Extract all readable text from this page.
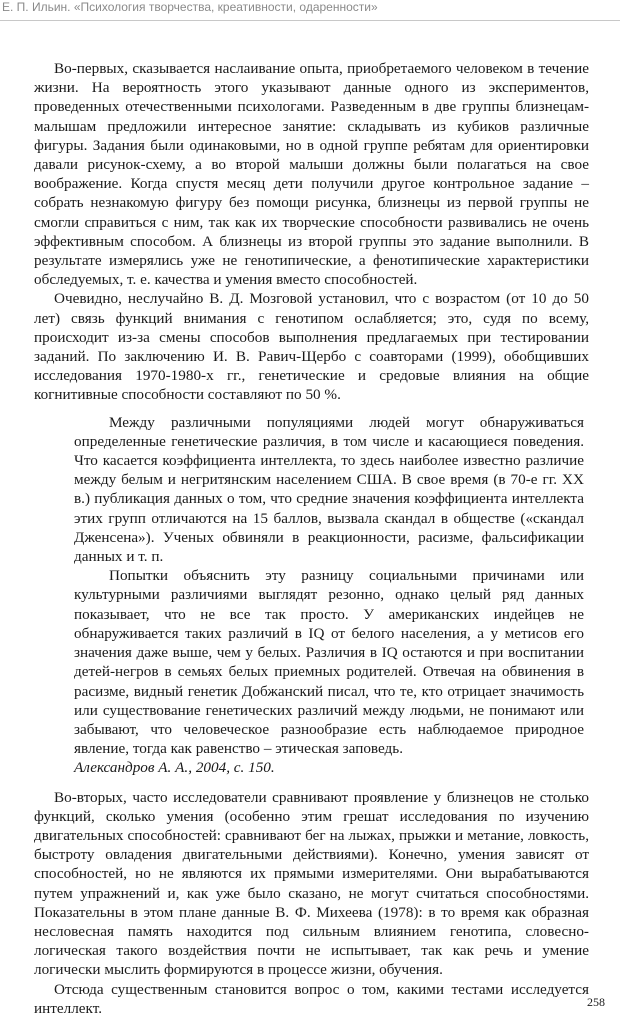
Е. П. Ильин. «Психология творчества, креативности, одаренности»

Во-первых, сказывается наслаивание опыта, приобретаемого человеком в течение жизни. На вероятность этого указывают данные одного из экспериментов, проведенных отечественными психологами. Разведенным в две группы близнецам-малышам предложили интересное занятие: складывать из кубиков различные фигуры. Задания были одинаковыми, но в одной группе ребятам для ориентировки давали рисунок-схему, а во второй малыши должны были полагаться на свое воображение. Когда спустя месяц дети получили другое контрольное задание – собрать незнакомую фигуру без помощи рисунка, близнецы из первой группы не смогли справиться с ним, так как их творческие способности развивались не очень эффективным способом. А близнецы из второй группы это задание выполнили. В результате измерялись уже не генотипические, а фенотипические характеристики обследуемых, т. е. качества и умения вместо способностей.

Очевидно, неслучайно В. Д. Мозговой установил, что с возрастом (от 10 до 50 лет) связь функций внимания с генотипом ослабляется; это, судя по всему, происходит из-за смены способов выполнения предлагаемых при тестировании заданий. По заключению И. В. Равич-Щербо с соавторами (1999), обобщивших исследования 1970-1980-х гг., генетические и средовые влияния на общие когнитивные способности составляют по 50 %.

Между различными популяциями людей могут обнаруживаться определенные генетические различия, в том числе и касающиеся поведения. Что касается коэффициента интеллекта, то здесь наиболее известно различие между белым и негритянским населением США. В свое время (в 70-е гг. XX в.) публикация данных о том, что средние значения коэффициента интеллекта этих групп отличаются на 15 баллов, вызвала скандал в обществе («скандал Дженсена»). Ученых обвиняли в реакционности, расизме, фальсификации данных и т. п.

Попытки объяснить эту разницу социальными причинами или культурными различиями выглядят резонно, однако целый ряд данных показывает, что не все так просто. У американских индейцев не обнаруживается таких различий в IQ от белого населения, а у метисов его значения даже выше, чем у белых. Различия в IQ остаются и при воспитании детей-негров в семьях белых приемных родителей. Отвечая на обвинения в расизме, видный генетик Добжанский писал, что те, кто отрицает значимость или существование генетических различий между людьми, не понимают или забывают, что человеческое разнообразие есть наблюдаемое природное явление, тогда как равенство – этическая заповедь.

Александров А. А., 2004, с. 150.

Во-вторых, часто исследователи сравнивают проявление у близнецов не столько функций, сколько умения (особенно этим грешат исследования по изучению двигательных способностей: сравнивают бег на лыжах, прыжки и метание, ловкость, быстроту овладения двигательными действиями). Конечно, умения зависят от способностей, но не являются их прямыми измерителями. Они вырабатываются путем упражнений и, как уже было сказано, не могут считаться способностями. Показательны в этом плане данные В. Ф. Михеева (1978): в то время как образная несловесная память находится под сильным влиянием генотипа, словесно-логическая такого воздействия почти не испытывает, так как речь и умение логически мыслить формируются в процессе жизни, обучения.

Отсюда существенным становится вопрос о том, какими тестами исследуется интеллект.	258
